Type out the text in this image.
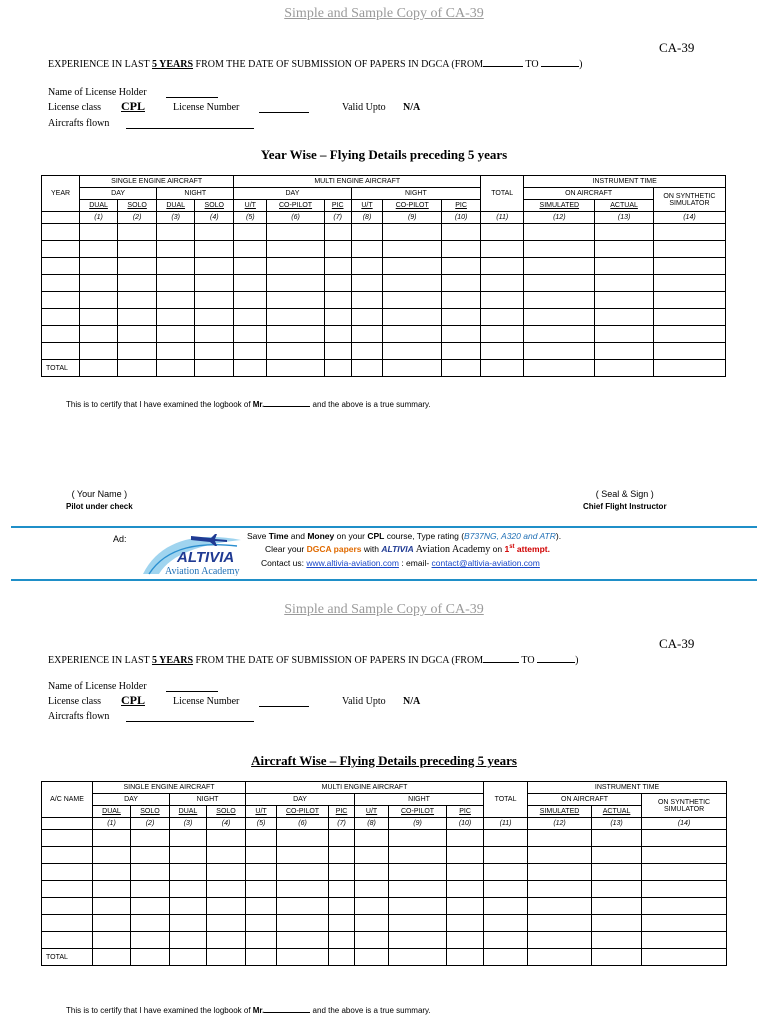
Simple and Sample Copy of CA-39
CA-39
EXPERIENCE IN LAST 5 YEARS FROM THE DATE OF SUBMISSION OF PAPERS IN DGCA (FROM	TO	)
Name of License Holder
License class CPL	License Number	Valid Upto N/A
Aircrafts flown
Year Wise – Flying Details preceding 5 years
YEAR	SINGLE ENGINE AIRCRAFT				MULTI ENGINE AIRCRAFT						TOTAL	INSTRUMENT TIME		
	DAY		NIGHT		DAY			NIGHT				ON AIRCRAFT		ON SYNTHETIC SIMULATOR
	DUAL	SOLO	DUAL	SOLO	U/T	CO-PILOT	PIC	U/T	CO-PILOT	PIC		SIMULATED	ACTUAL	
	(1)	(2)	(3)	(4)	(5)	(6)	(7)	(8)	(9)	(10)	(11)	(12)	(13)	(14)

TOTAL														
This is to certify that I have examined the logbook of Mr.	and the above is a true summary.
( Your Name )
Pilot under check
( Seal & Sign )
Chief Flight Instructor
Ad:
ALTIVIA
Aviation Academy
Save Time and Money on your CPL course, Type rating (B737NG, A320 and ATR).
Clear your DGCA papers with ALTIVIA Aviation Academy on 1st attempt.
Contact us: www.altivia-aviation.com : email- contact@altivia-aviation.com
Simple and Sample Copy of CA-39
CA-39
EXPERIENCE IN LAST 5 YEARS FROM THE DATE OF SUBMISSION OF PAPERS IN DGCA (FROM	TO	)
Name of License Holder
License class CPL	License Number	Valid Upto N/A
Aircrafts flown
Aircraft Wise – Flying Details preceding 5 years
A/C NAME	SINGLE ENGINE AIRCRAFT				MULTI ENGINE AIRCRAFT						TOTAL	INSTRUMENT TIME		
	DAY		NIGHT		DAY			NIGHT				ON AIRCRAFT		ON SYNTHETIC SIMULATOR
	DUAL	SOLO	DUAL	SOLO	U/T	CO-PILOT	PIC	U/T	CO-PILOT	PIC		SIMULATED	ACTUAL	
	(1)	(2)	(3)	(4)	(5)	(6)	(7)	(8)	(9)	(10)	(11)	(12)	(13)	(14)

TOTAL														
This is to certify that I have examined the logbook of Mr.	and the above is a true summary.
